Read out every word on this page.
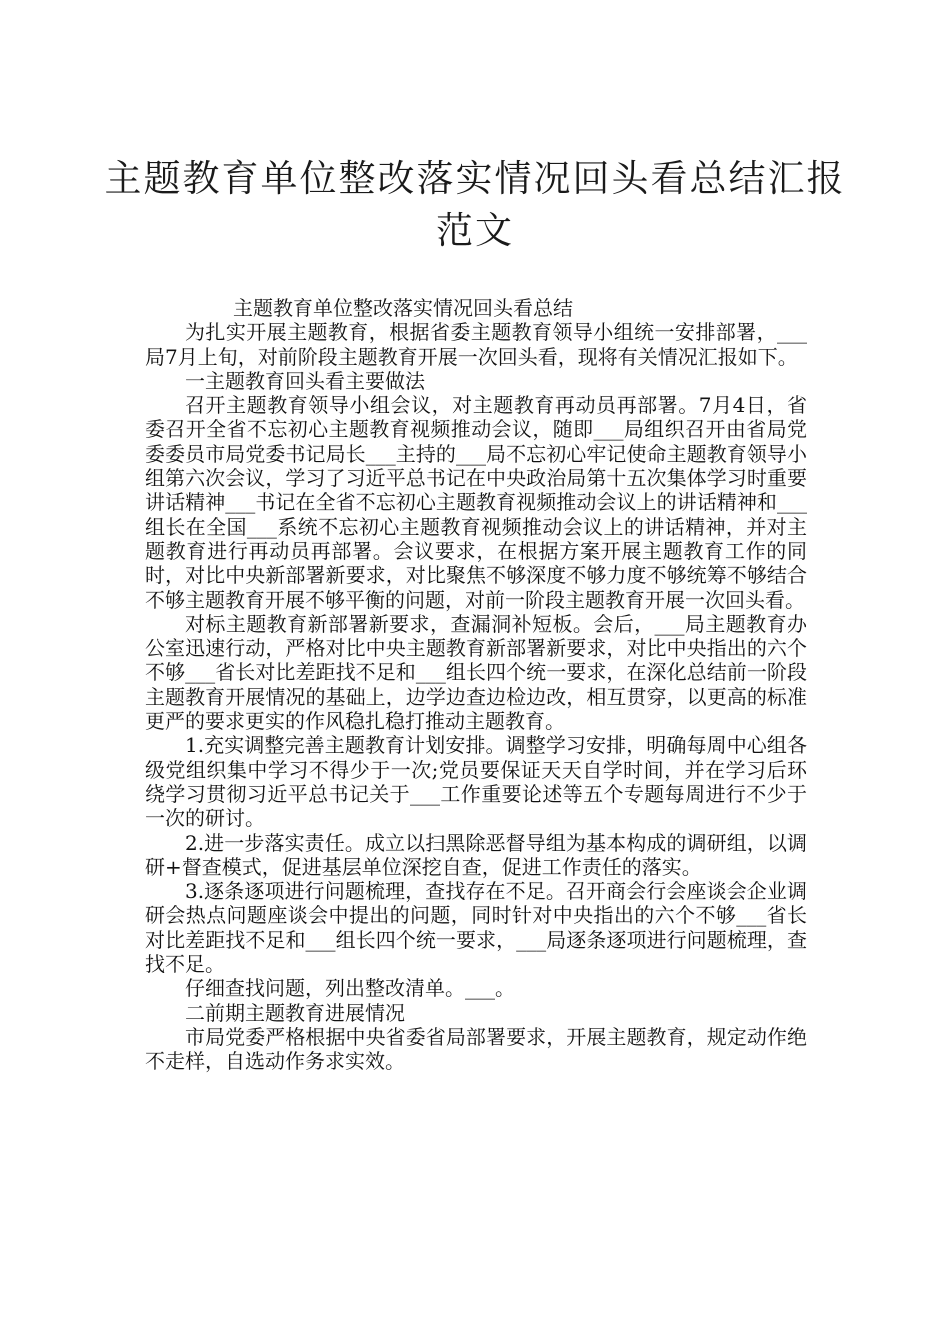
主题教育单位整改落实情况回头看总结汇报范文

主题教育单位整改落实情况回头看总结

为扎实开展主题教育，根据省委主题教育领导小组统一安排部署，___局7月上旬，对前阶段主题教育开展一次回头看，现将有关情况汇报如下。

一主题教育回头看主要做法

召开主题教育领导小组会议，对主题教育再动员再部署。7月4日，省委召开全省不忘初心主题教育视频推动会议，随即___局组织召开由省局党委委员市局党委书记局长___主持的___局不忘初心牢记使命主题教育领导小组第六次会议，学习了习近平总书记在中央政治局第十五次集体学习时重要讲话精神___书记在全省不忘初心主题教育视频推动会议上的讲话精神和___组长在全国___系统不忘初心主题教育视频推动会议上的讲话精神，并对主题教育进行再动员再部署。会议要求，在根据方案开展主题教育工作的同时，对比中央新部署新要求，对比聚焦不够深度不够力度不够统筹不够结合不够主题教育开展不够平衡的问题，对前一阶段主题教育开展一次回头看。

对标主题教育新部署新要求，查漏洞补短板。会后，___局主题教育办公室迅速行动，严格对比中央主题教育新部署新要求，对比中央指出的六个不够___省长对比差距找不足和___组长四个统一要求，在深化总结前一阶段主题教育开展情况的基础上，边学边查边检边改，相互贯穿，以更高的标准更严的要求更实的作风稳扎稳打推动主题教育。

1.充实调整完善主题教育计划安排。调整学习安排，明确每周中心组各级党组织集中学习不得少于一次;党员要保证天天自学时间，并在学习后环绕学习贯彻习近平总书记关于___工作重要论述等五个专题每周进行不少于一次的研讨。

2.进一步落实责任。成立以扫黑除恶督导组为基本构成的调研组，以调研+督查模式，促进基层单位深挖自查，促进工作责任的落实。

3.逐条逐项进行问题梳理，查找存在不足。召开商会行会座谈会企业调研会热点问题座谈会中提出的问题，同时针对中央指出的六个不够___省长对比差距找不足和___组长四个统一要求，___局逐条逐项进行问题梳理，查找不足。

仔细查找问题，列出整改清单。___。

二前期主题教育进展情况

市局党委严格根据中央省委省局部署要求，开展主题教育，规定动作绝不走样，自选动作务求实效。
